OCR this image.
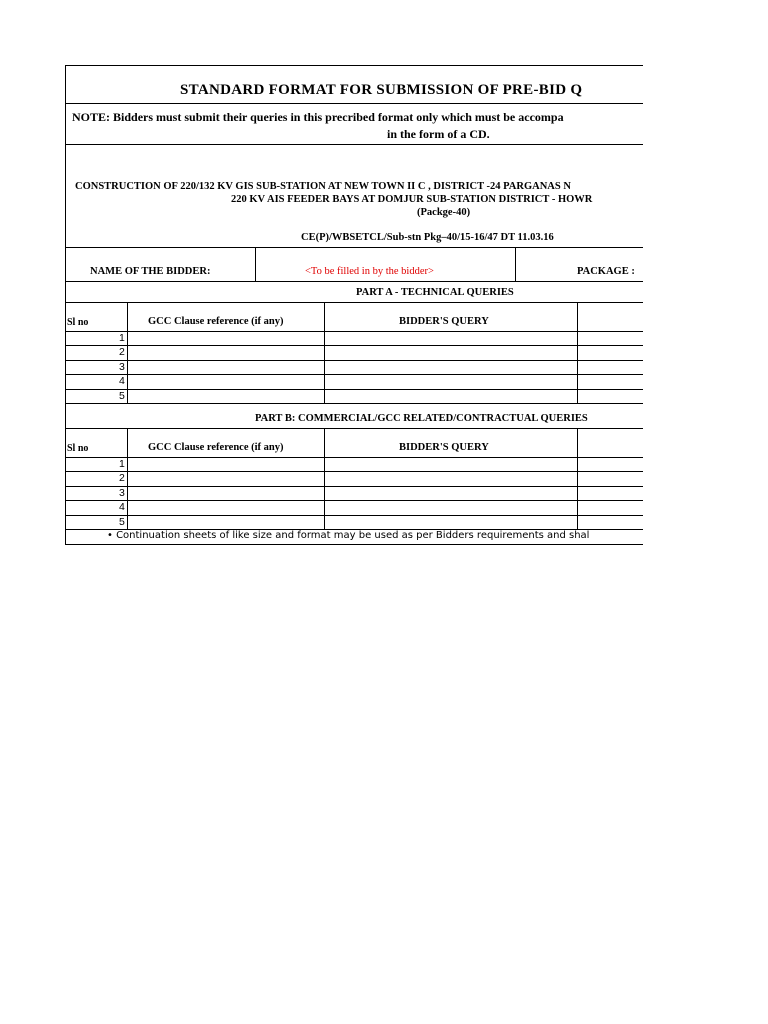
STANDARD FORMAT FOR SUBMISSION OF PRE-BID Q
NOTE: Bidders must submit their queries in this precribed format only which must be accompa
in the form of a CD.
CONSTRUCTION OF 220/132 KV GIS SUB-STATION AT NEW TOWN II C , DISTRICT -24 PARGANAS N
220 KV AIS FEEDER BAYS AT DOMJUR SUB-STATION DISTRICT - HOWR
(Packge-40)
CE(P)/WBSETCL/Sub-stn Pkg–40/15-16/47 DT 11.03.16
NAME OF THE BIDDER:	<To be filled in by the bidder>	PACKAGE :
PART A - TECHNICAL QUERIES
Sl no	GCC Clause reference (if any)	BIDDER'S QUERY
1
2
3
4
5
PART B: COMMERCIAL/GCC RELATED/CONTRACTUAL QUERIES
Sl no	GCC Clause reference (if any)	BIDDER'S QUERY
1
2
3
4
5
• Continuation sheets of like size and format may be used as per Bidders requirements and shal
